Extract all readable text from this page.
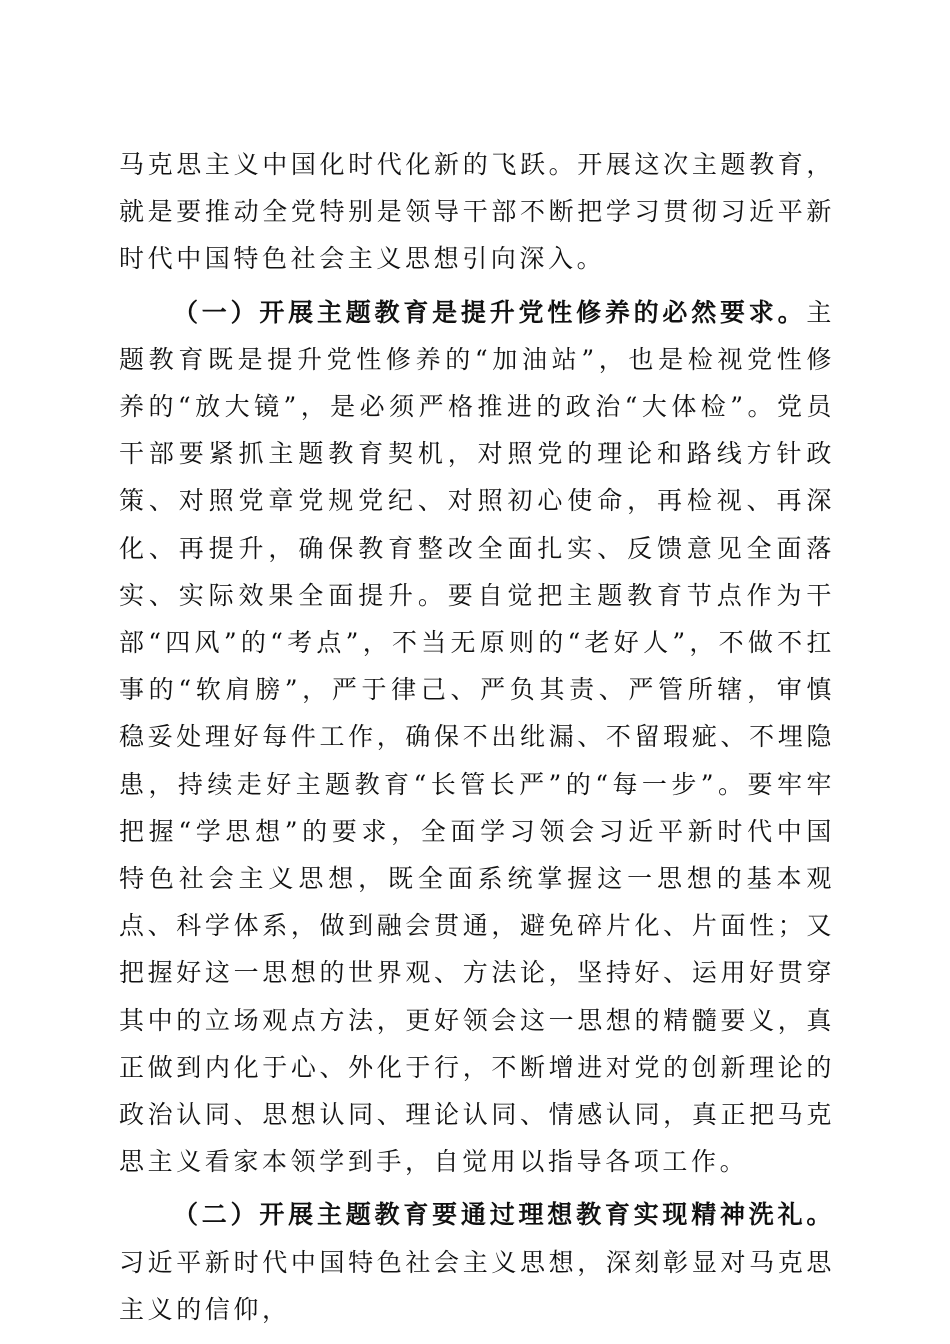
马克思主义中国化时代化新的飞跃。开展这次主题教育，就是要推动全党特别是领导干部不断把学习贯彻习近平新时代中国特色社会主义思想引向深入。

（一）开展主题教育是提升党性修养的必然要求。主题教育既是提升党性修养的“加油站”，也是检视党性修养的“放大镜”，是必须严格推进的政治“大体检”。党员干部要紧抓主题教育契机，对照党的理论和路线方针政策、对照党章党规党纪、对照初心使命，再检视、再深化、再提升，确保教育整改全面扎实、反馈意见全面落实、实际效果全面提升。要自觉把主题教育节点作为干部“四风”的“考点”，不当无原则的“老好人”，不做不扛事的“软肩膀”，严于律己、严负其责、严管所辖，审慎稳妥处理好每件工作，确保不出纰漏、不留瑕疵、不埋隐患，持续走好主题教育“长管长严”的“每一步”。要牢牢把握“学思想”的要求，全面学习领会习近平新时代中国特色社会主义思想，既全面系统掌握这一思想的基本观点、科学体系，做到融会贯通，避免碎片化、片面性；又把握好这一思想的世界观、方法论，坚持好、运用好贯穿其中的立场观点方法，更好领会这一思想的精髓要义，真正做到内化于心、外化于行，不断增进对党的创新理论的政治认同、思想认同、理论认同、情感认同，真正把马克思主义看家本领学到手，自觉用以指导各项工作。

（二）开展主题教育要通过理想教育实现精神洗礼。习近平新时代中国特色社会主义思想，深刻彰显对马克思主义的信仰，
